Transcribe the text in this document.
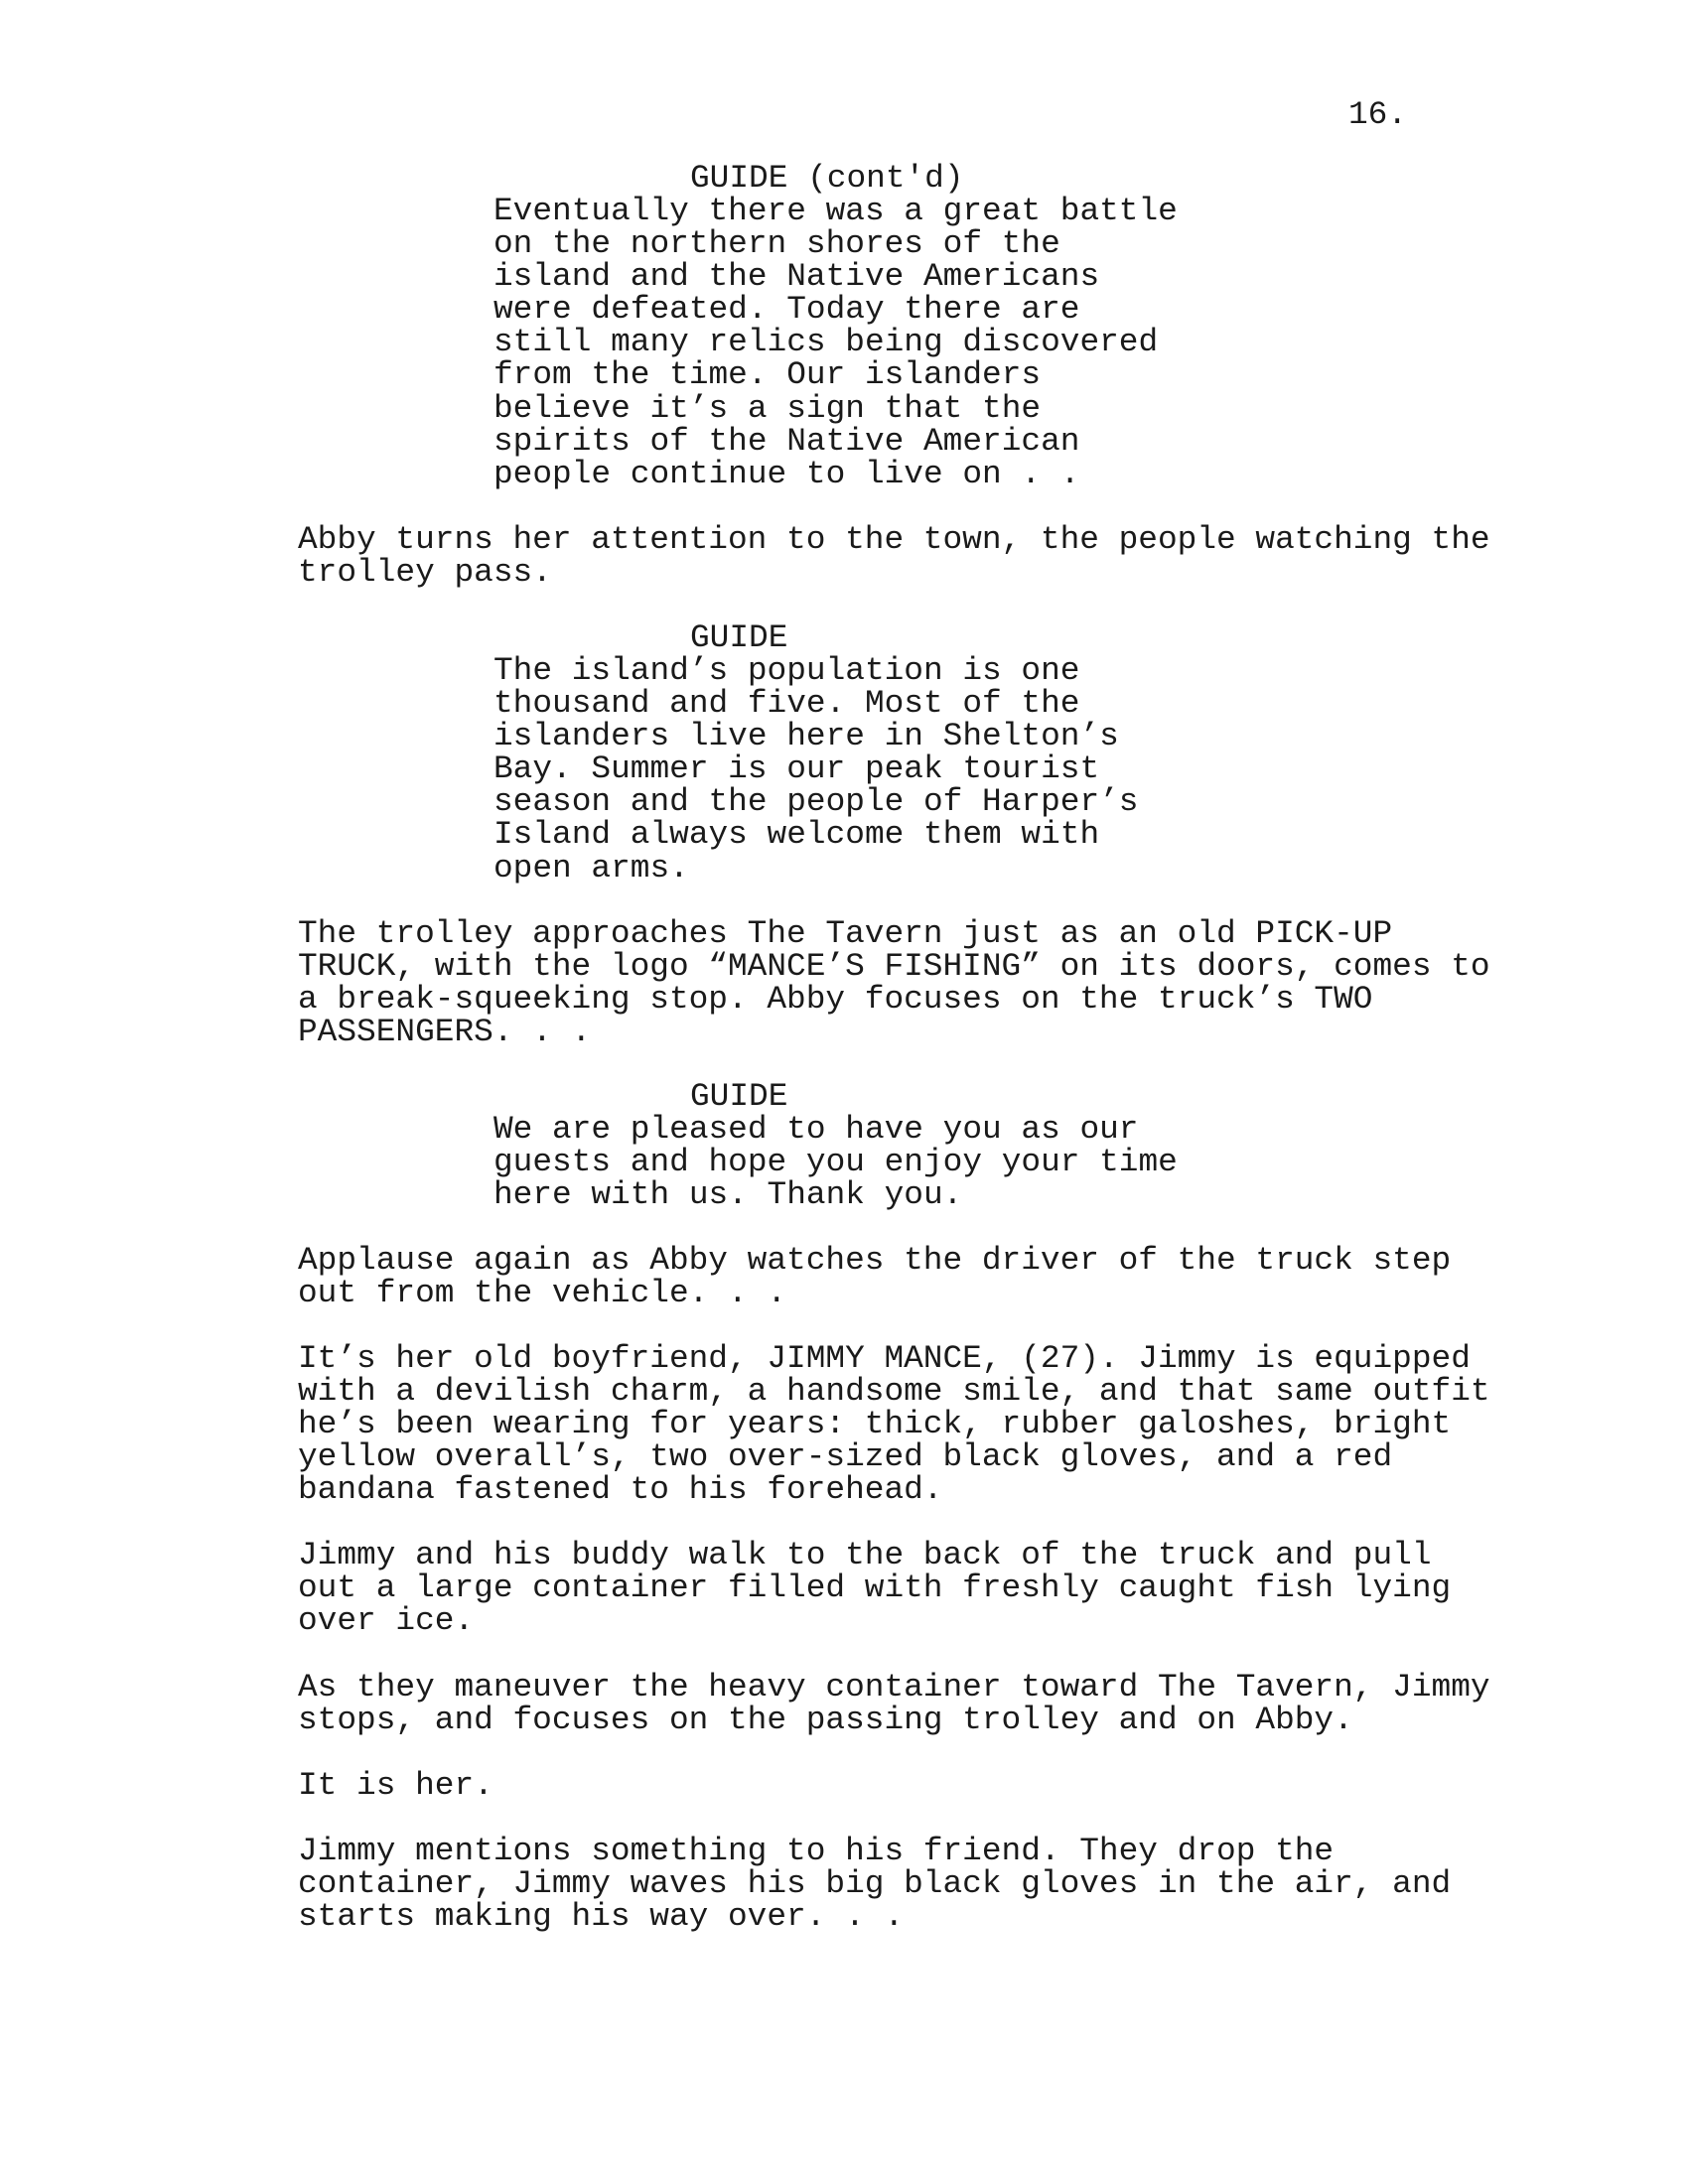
16.
GUIDE (cont'd)
Eventually there was a great battle
on the northern shores of the
island and the Native Americans
were defeated. Today there are
still many relics being discovered
from the time. Our islanders
believe it’s a sign that the
spirits of the Native American
people continue to live on . .
Abby turns her attention to the town, the people watching the
trolley pass.
GUIDE
The island’s population is one
thousand and five. Most of the
islanders live here in Shelton’s
Bay. Summer is our peak tourist
season and the people of Harper’s
Island always welcome them with
open arms.
The trolley approaches The Tavern just as an old PICK-UP
TRUCK, with the logo “MANCE’S FISHING” on its doors, comes to
a break-squeeking stop. Abby focuses on the truck’s TWO
PASSENGERS. . .
GUIDE
We are pleased to have you as our
guests and hope you enjoy your time
here with us. Thank you.
Applause again as Abby watches the driver of the truck step
out from the vehicle. . .
It’s her old boyfriend, JIMMY MANCE, (27). Jimmy is equipped
with a devilish charm, a handsome smile, and that same outfit
he’s been wearing for years: thick, rubber galoshes, bright
yellow overall’s, two over-sized black gloves, and a red
bandana fastened to his forehead.
Jimmy and his buddy walk to the back of the truck and pull
out a large container filled with freshly caught fish lying
over ice.
As they maneuver the heavy container toward The Tavern, Jimmy
stops, and focuses on the passing trolley and on Abby.
It is her.
Jimmy mentions something to his friend. They drop the
container, Jimmy waves his big black gloves in the air, and
starts making his way over. . .
